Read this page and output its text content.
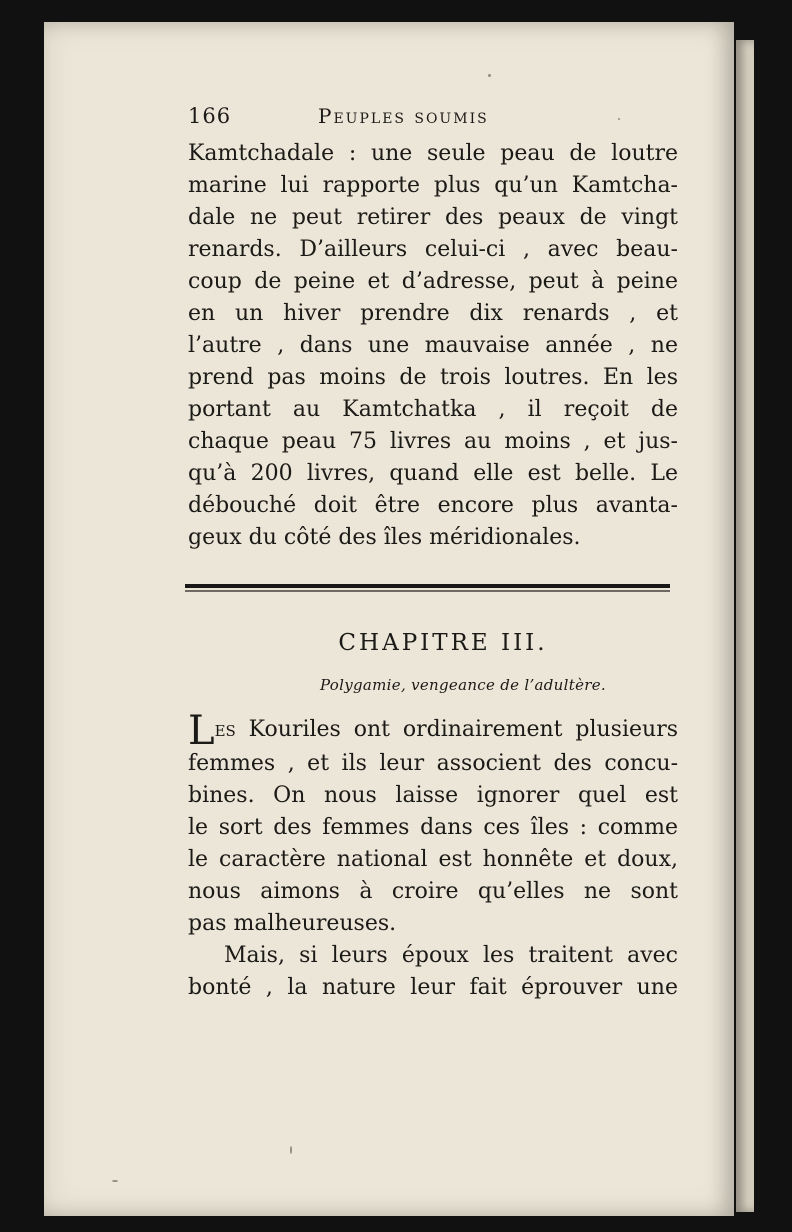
166	Peuples soumis
Kamtchadale : une seule peau de loutre
marine lui rapporte plus qu’un Kamtcha-
dale ne peut retirer des peaux de vingt
renards. D’ailleurs celui-ci , avec beau-
coup de peine et d’adresse, peut à peine
en un hiver prendre dix renards , et
l’autre , dans une mauvaise année , ne
prend pas moins de trois loutres. En les
portant au Kamtchatka , il reçoit de
chaque peau 75 livres au moins , et jus-
qu’à 200 livres, quand elle est belle. Le
débouché doit être encore plus avanta-
geux du côté des îles méridionales.
CHAPITRE III.
Polygamie, vengeance de l’adultère.
Les Kouriles ont ordinairement plusieurs
femmes , et ils leur associent des concu-
bines. On nous laisse ignorer quel est
le sort des femmes dans ces îles : comme
le caractère national est honnête et doux,
nous aimons à croire qu’elles ne sont
pas malheureuses.
Mais, si leurs époux les traitent avec
bonté , la nature leur fait éprouver une
